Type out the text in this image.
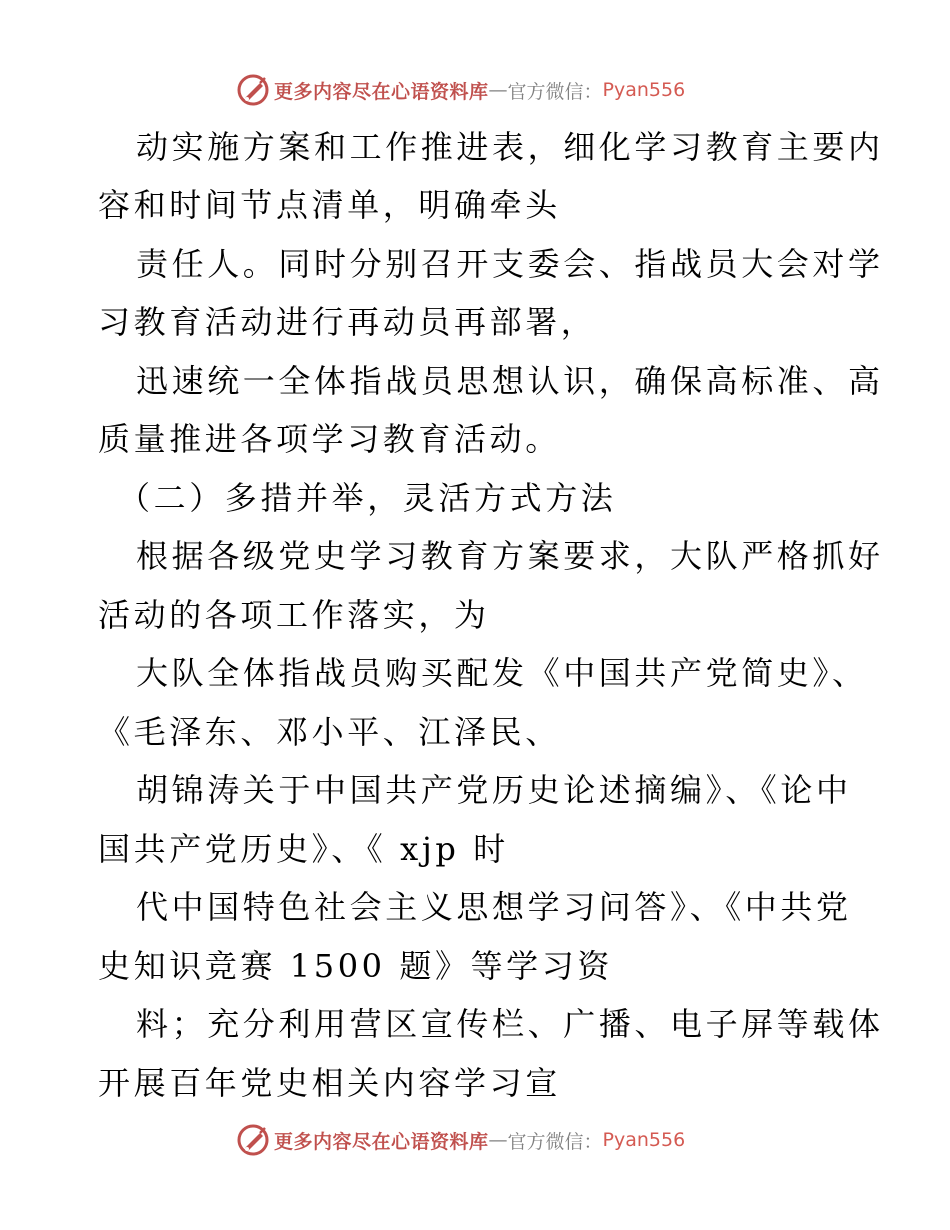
更多内容尽在心语资料库 — 官方微信： Pyan556
动实施方案和工作推进表，细化学习教育主要内
容和时间节点清单，明确牵头
责任人。同时分别召开支委会、指战员大会对学
习教育活动进行再动员再部署，
迅速统一全体指战员思想认识，确保高标准、高
质量推进各项学习教育活动。
（二）多措并举，灵活方式方法
根据各级党史学习教育方案要求，大队严格抓好
活动的各项工作落实，为
大队全体指战员购买配发《中国共产党简史》、
《毛泽东、邓小平、江泽民、
胡锦涛关于中国共产党历史论述摘编》、《论中
国共产党历史》、《 xjp 时
代中国特色社会主义思想学习问答》、《中共党
史知识竞赛 1500 题》等学习资
料；充分利用营区宣传栏、广播、电子屏等载体
开展百年党史相关内容学习宣
更多内容尽在心语资料库 — 官方微信： Pyan556
